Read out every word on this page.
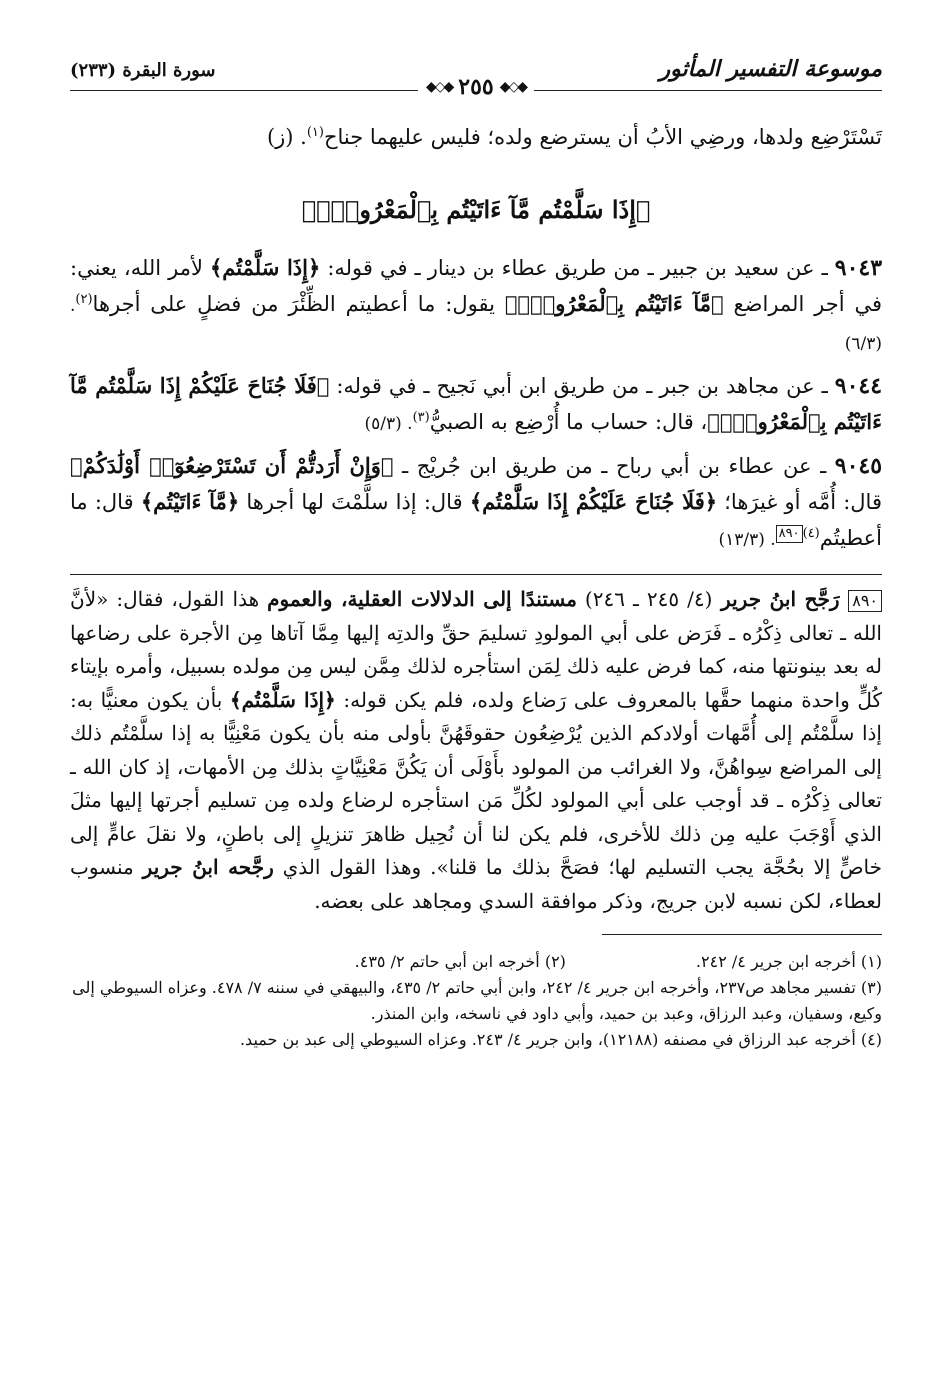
موسوعة التفسير المأثور
سورة البقرة (٢٣٣)
◆◇◆ ٢٥٥ ◆◇◆

تَسْتَرْضِع ولدها، ورضِي الأبُ أن يسترضع ولده؛ فليس عليهما جناح$^{(١)}$. (ز)

﴿إِذَا سَلَّمْتُم مَّآ ءَاتَيْتُم بِٱلْمَعْرُوفِۗ﴾

٩٠٤٣ ـ عن سعيد بن جبير ـ من طريق عطاء بن دينار ـ في قوله: ﴿إِذَا سَلَّمْتُم﴾ لأمر الله، يعني: في أجر المراضع ﴿مَّآ ءَاتَيْتُم بِٱلْمَعْرُوفِۗ﴾ يقول: ما أعطيتم الظِّئْرَ من فضلٍ على أجرها$^{(٢)}$. (٦/٣)

٩٠٤٤ ـ عن مجاهد بن جبر ـ من طريق ابن أبي نَجيح ـ في قوله: ﴿فَلَا جُنَاحَ عَلَيْكُمْ إِذَا سَلَّمْتُم مَّآ ءَاتَيْتُم بِٱلْمَعْرُوفِۗ﴾، قال: حساب ما أُرْضِع به الصبيُّ$^{(٣)}$. (٥/٣)

٩٠٤٥ ـ عن عطاء بن أبي رباح ـ من طريق ابن جُريْج ـ ﴿وَإِنْ أَرَدتُّمْ أَن تَسْتَرْضِعُوٓا۟ أَوْلَٰدَكُمْ﴾ قال: أُمَّه أو غيرَها؛ ﴿فَلَا جُنَاحَ عَلَيْكُمْ إِذَا سَلَّمْتُم﴾ قال: إذا سلَّمْتَ لها أجرها ﴿مَّآ ءَاتَيْتُم﴾ قال: ما أعطيتُم$^{(٤)}$٨٩٠. (١٣/٣)

٨٩٠ رَجَّح ابنُ جرير (٤/ ٢٤٥ ـ ٢٤٦) مستندًا إلى الدلالات العقلية، والعموم هذا القول، فقال: «لأنَّ الله ـ تعالى ذِكْرُه ـ فَرَض على أبي المولودِ تسليمَ حقِّ والدتِه إليها مِمَّا آتاها مِن الأجرة على رضاعها له بعد بينونتها منه، كما فرض عليه ذلك لِمَن استأجره لذلك مِمَّن ليس مِن مولده بسبيل، وأمره بإيتاء كُلٍّ واحدة منهما حقَّها بالمعروف على رَضاع ولده، فلم يكن قوله: ﴿إِذَا سَلَّمْتُم﴾ بأن يكون معنيًّا به: إذا سلَّمْتُم إلى أُمَّهات أولادكم الذين يُرْضِعُون حقوقَهُنَّ بأولى منه بأن يكون مَعْنِيًّا به إذا سلَّمْتُم ذلك إلى المراضع سِواهُنَّ، ولا الغرائب من المولود بأَوْلَى أن يَكُنَّ مَعْنِيَّاتٍ بذلك مِن الأمهات، إذ كان الله ـ تعالى ذِكْرُه ـ قد أوجب على أبي المولود لكُلِّ مَن استأجره لرضاع ولده مِن تسليم أجرتها إليها مثلَ الذي أَوْجَبَ عليه مِن ذلك للأخرى، فلم يكن لنا أن نُحِيل ظاهرَ تنزيلٍ إلى باطنٍ، ولا نقلَ عامٍّ إلى خاصٍّ إلا بحُجَّة يجب التسليم لها؛ فصَحَّ بذلك ما قلنا». وهذا القول الذي رجَّحه ابنُ جرير منسوب لعطاء، لكن نسبه لابن جريج، وذكر موافقة السدي ومجاهد على بعضه.

(١) أخرجه ابن جرير ٤/ ٢٤٢.

(٢) أخرجه ابن أبي حاتم ٢/ ٤٣٥.

(٣) تفسير مجاهد ص٢٣٧، وأخرجه ابن جرير ٤/ ٢٤٢، وابن أبي حاتم ٢/ ٤٣٥، والبيهقي في سننه ٧/ ٤٧٨. وعزاه السيوطي إلى وكيع، وسفيان، وعبد الرزاق، وعبد بن حميد، وأبي داود في ناسخه، وابن المنذر.

(٤) أخرجه عبد الرزاق في مصنفه (١٢١٨٨)، وابن جرير ٤/ ٢٤٣. وعزاه السيوطي إلى عبد بن حميد.
